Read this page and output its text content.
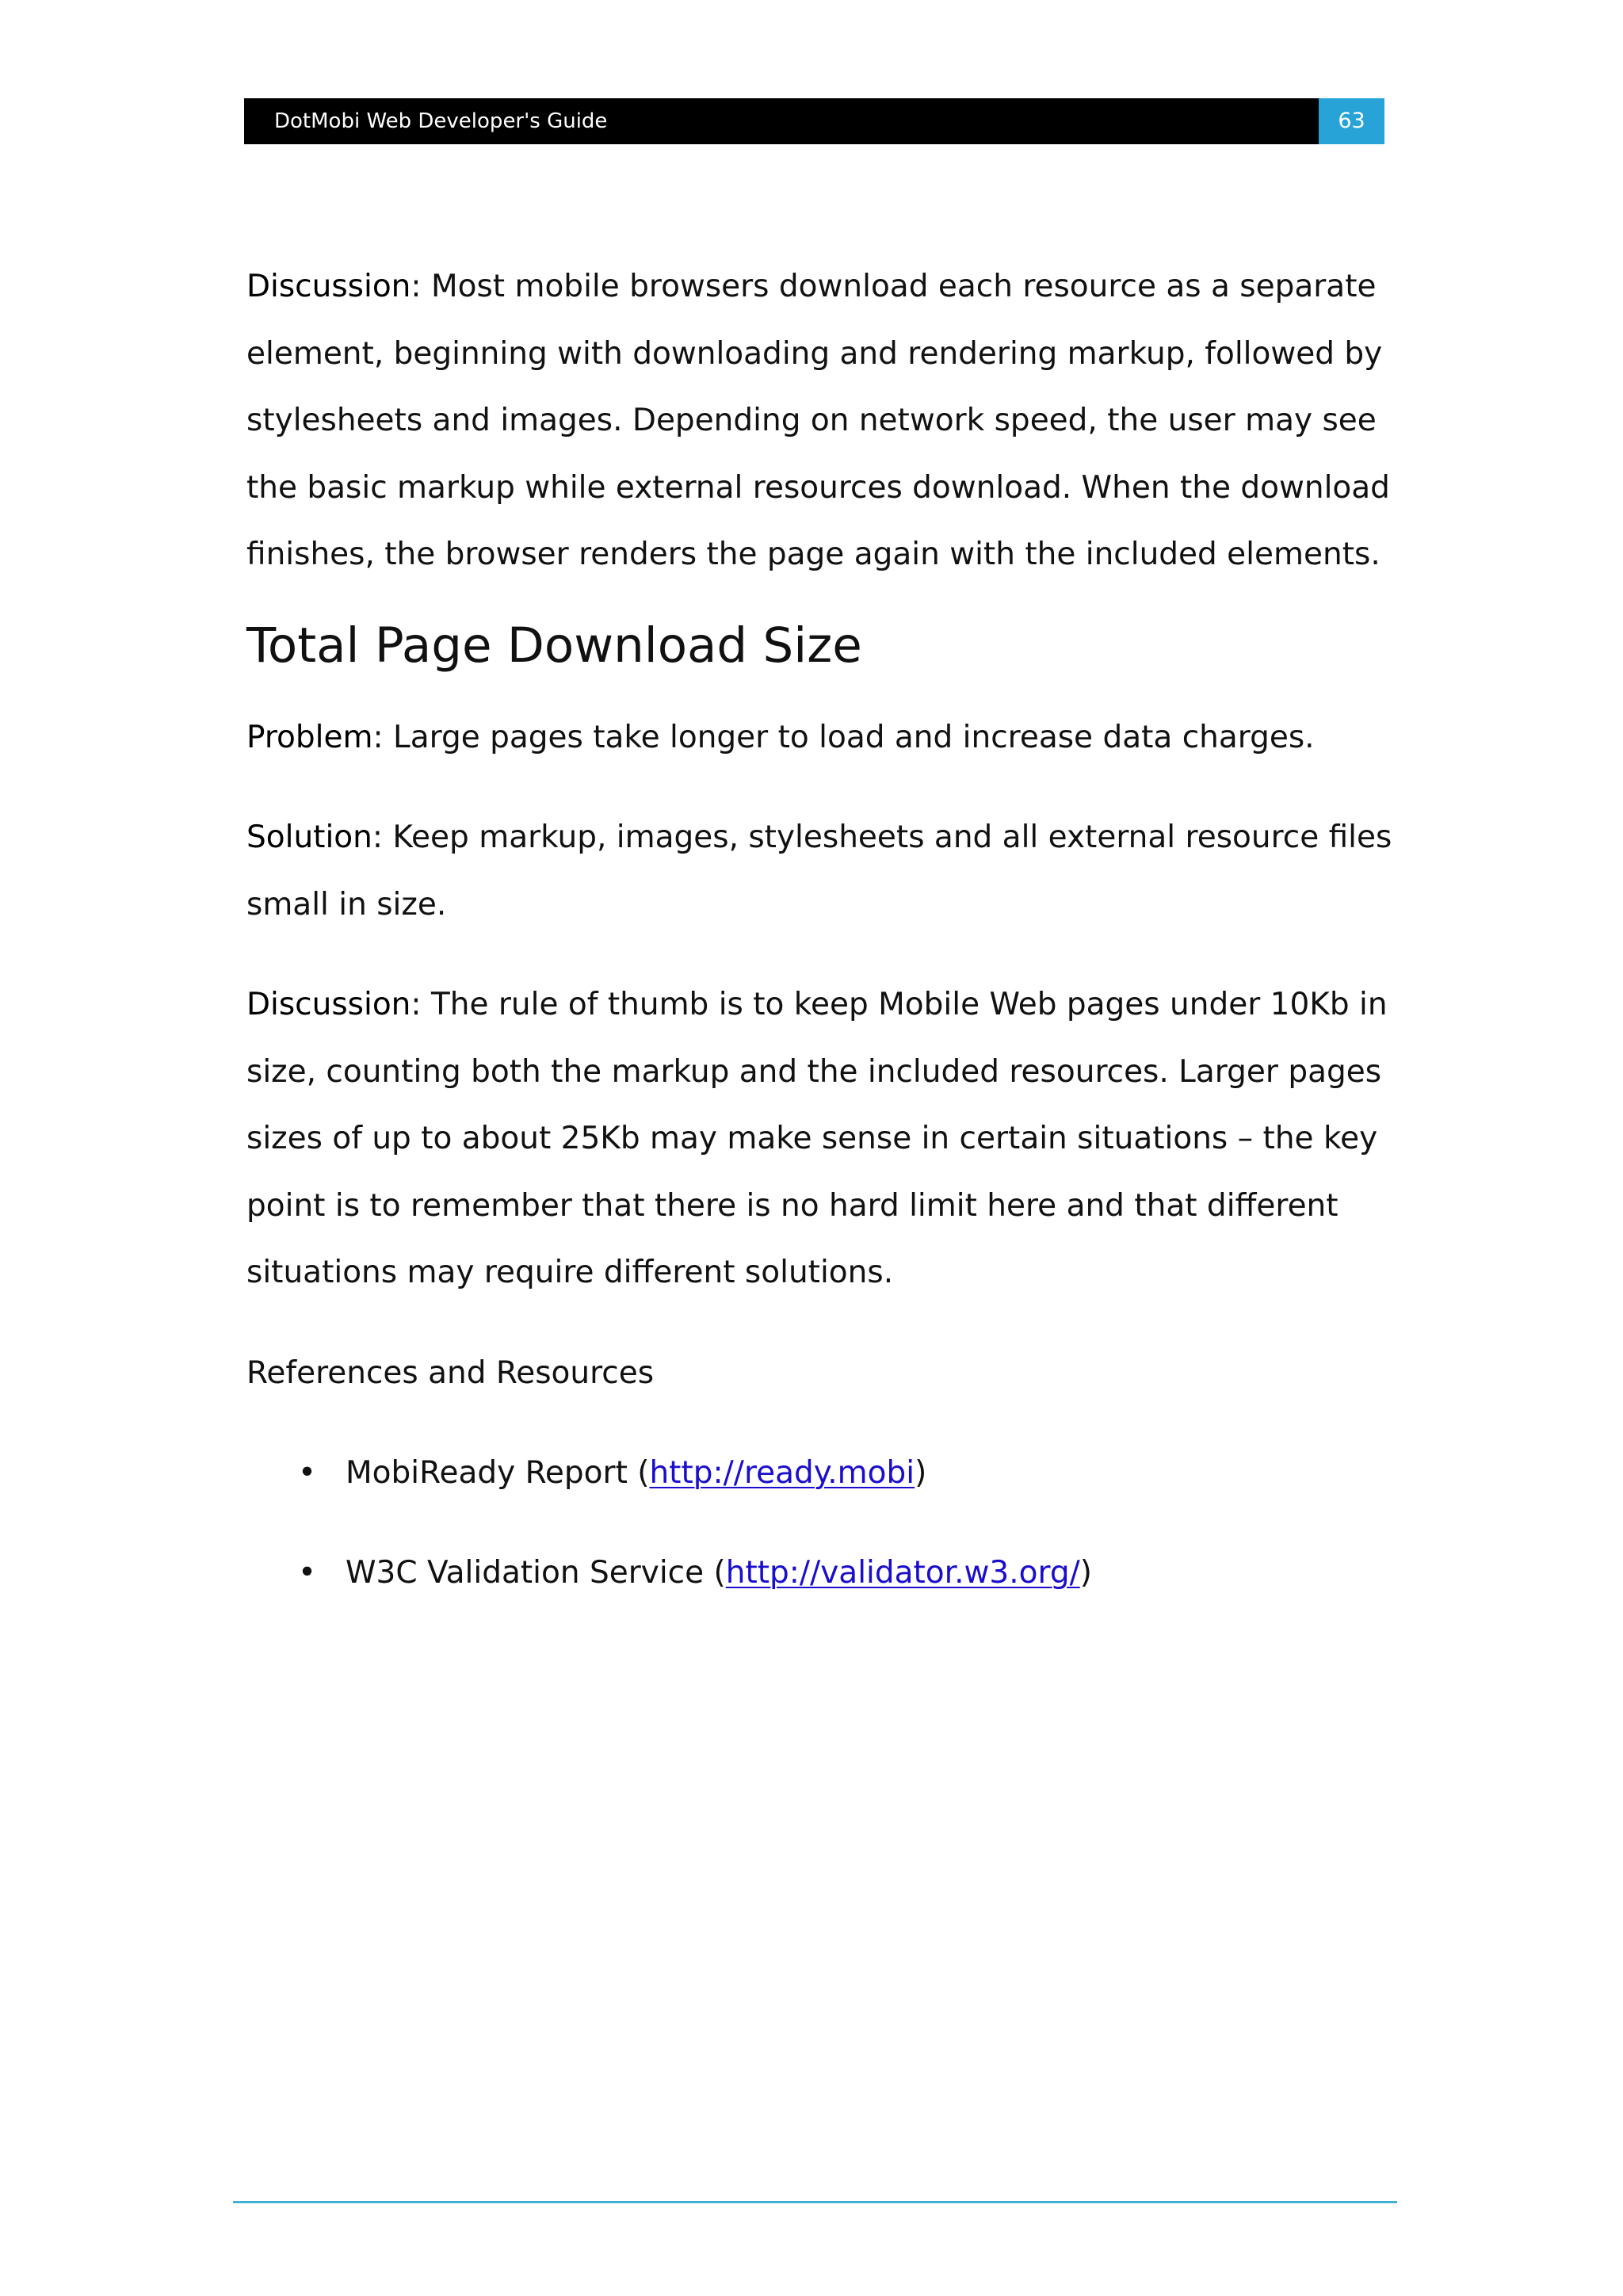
DotMobi Web Developer's Guide	63

Discussion: Most mobile browsers download each resource as a separate element, beginning with downloading and rendering markup, followed by stylesheets and images. Depending on network speed, the user may see the basic markup while external resources download. When the download finishes, the browser renders the page again with the included elements.

Total Page Download Size

Problem: Large pages take longer to load and increase data charges.

Solution: Keep markup, images, stylesheets and all external resource files small in size.

Discussion: The rule of thumb is to keep Mobile Web pages under 10Kb in size, counting both the markup and the included resources. Larger pages sizes of up to about 25Kb may make sense in certain situations – the key point is to remember that there is no hard limit here and that different situations may require different solutions.

References and Resources
• MobiReady Report (http://ready.mobi)
• W3C Validation Service (http://validator.w3.org/)
